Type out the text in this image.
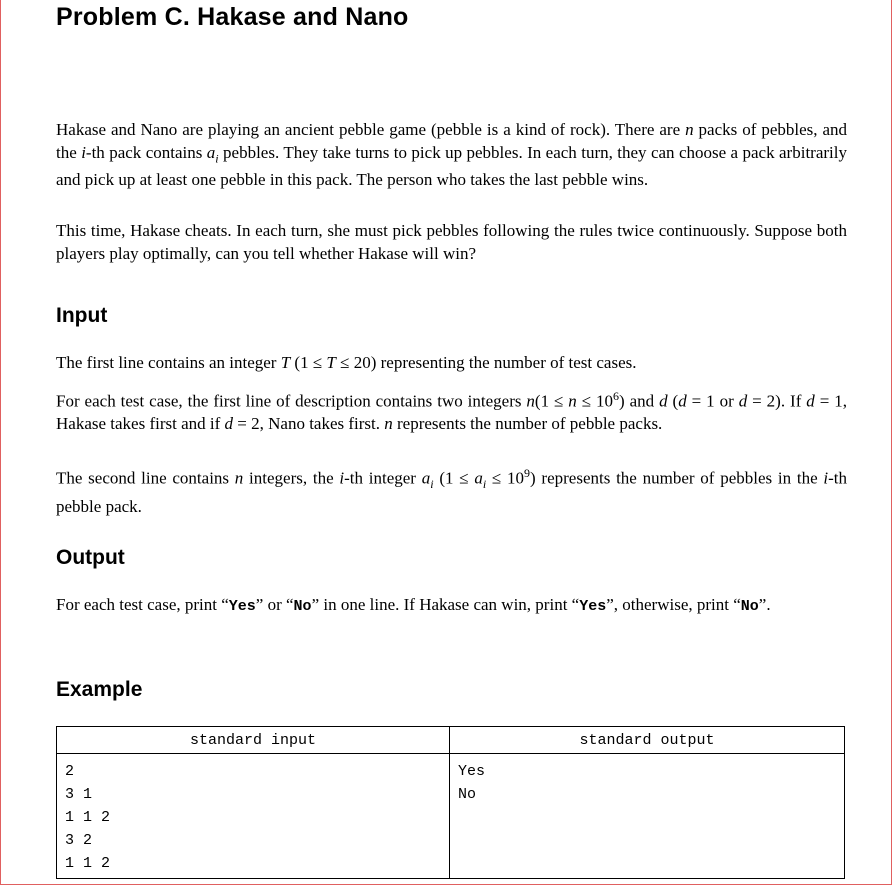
Problem C. Hakase and Nano

Hakase and Nano are playing an ancient pebble game (pebble is a kind of rock). There are n packs of pebbles, and the i-th pack contains $a_i$ pebbles. They take turns to pick up pebbles. In each turn, they can choose a pack arbitrarily and pick up at least one pebble in this pack. The person who takes the last pebble wins.

This time, Hakase cheats. In each turn, she must pick pebbles following the rules twice continuously. Suppose both players play optimally, can you tell whether Hakase will win?

Input

The first line contains an integer T (1 ≤ T ≤ 20) representing the number of test cases.

For each test case, the first line of description contains two integers $n(1 \le n \le 10^6)$ and d (d = 1 or d = 2). If d = 1, Hakase takes first and if d = 2, Nano takes first. n represents the number of pebble packs.

The second line contains n integers, the i-th integer $a_i$ $(1 \le a_i \le 10^9)$ represents the number of pebbles in the i-th pebble pack.

Output

For each test case, print “Yes” or “No” in one line. If Hakase can win, print “Yes”, otherwise, print “No”.

Example
standard input	standard output

2
3 1
1 1 2
3 2
1 1 2	Yes
No
